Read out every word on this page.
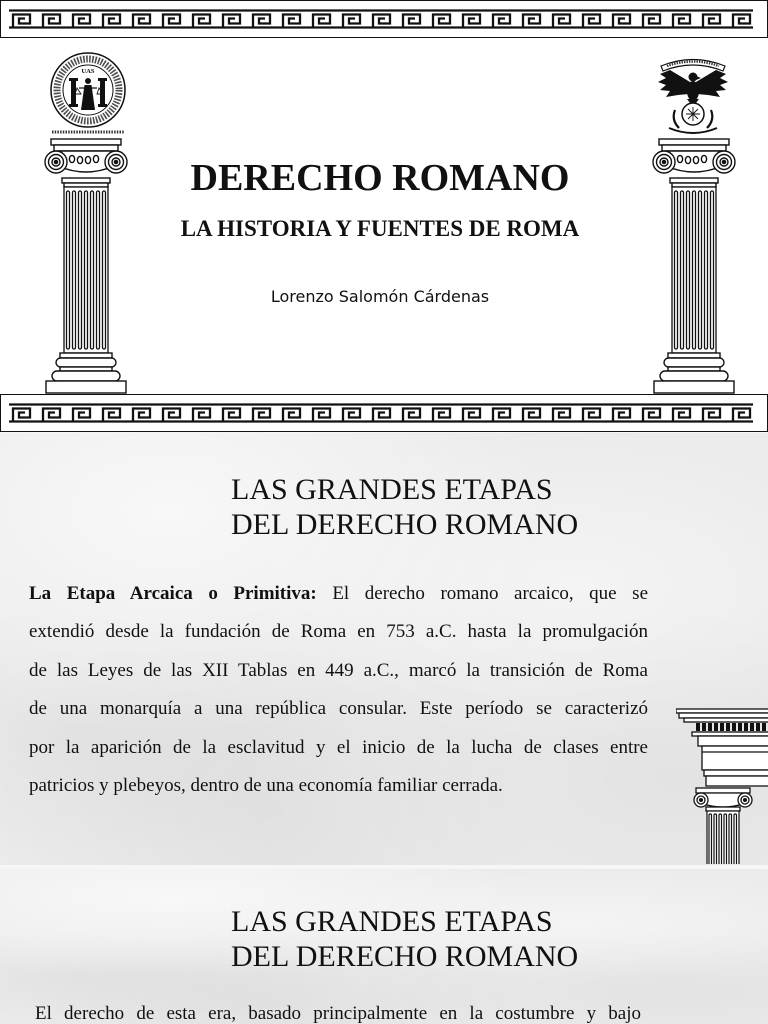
UAS
DERECHO ROMANO
LA HISTORIA Y FUENTES DE ROMA
Lorenzo Salomón Cárdenas
LAS GRANDES ETAPAS
DEL DERECHO ROMANO
La Etapa Arcaica o Primitiva: El derecho romano arcaico, que se
extendió desde la fundación de Roma en 753 a.C. hasta la promulgación
de las Leyes de las XII Tablas en 449 a.C., marcó la transición de Roma
de una monarquía a una república consular. Este período se caracterizó
por la aparición de la esclavitud y el inicio de la lucha de clases entre
patricios y plebeyos, dentro de una economía familiar cerrada.
LAS GRANDES ETAPAS
DEL DERECHO ROMANO
El derecho de esta era, basado principalmente en la costumbre y bajo
